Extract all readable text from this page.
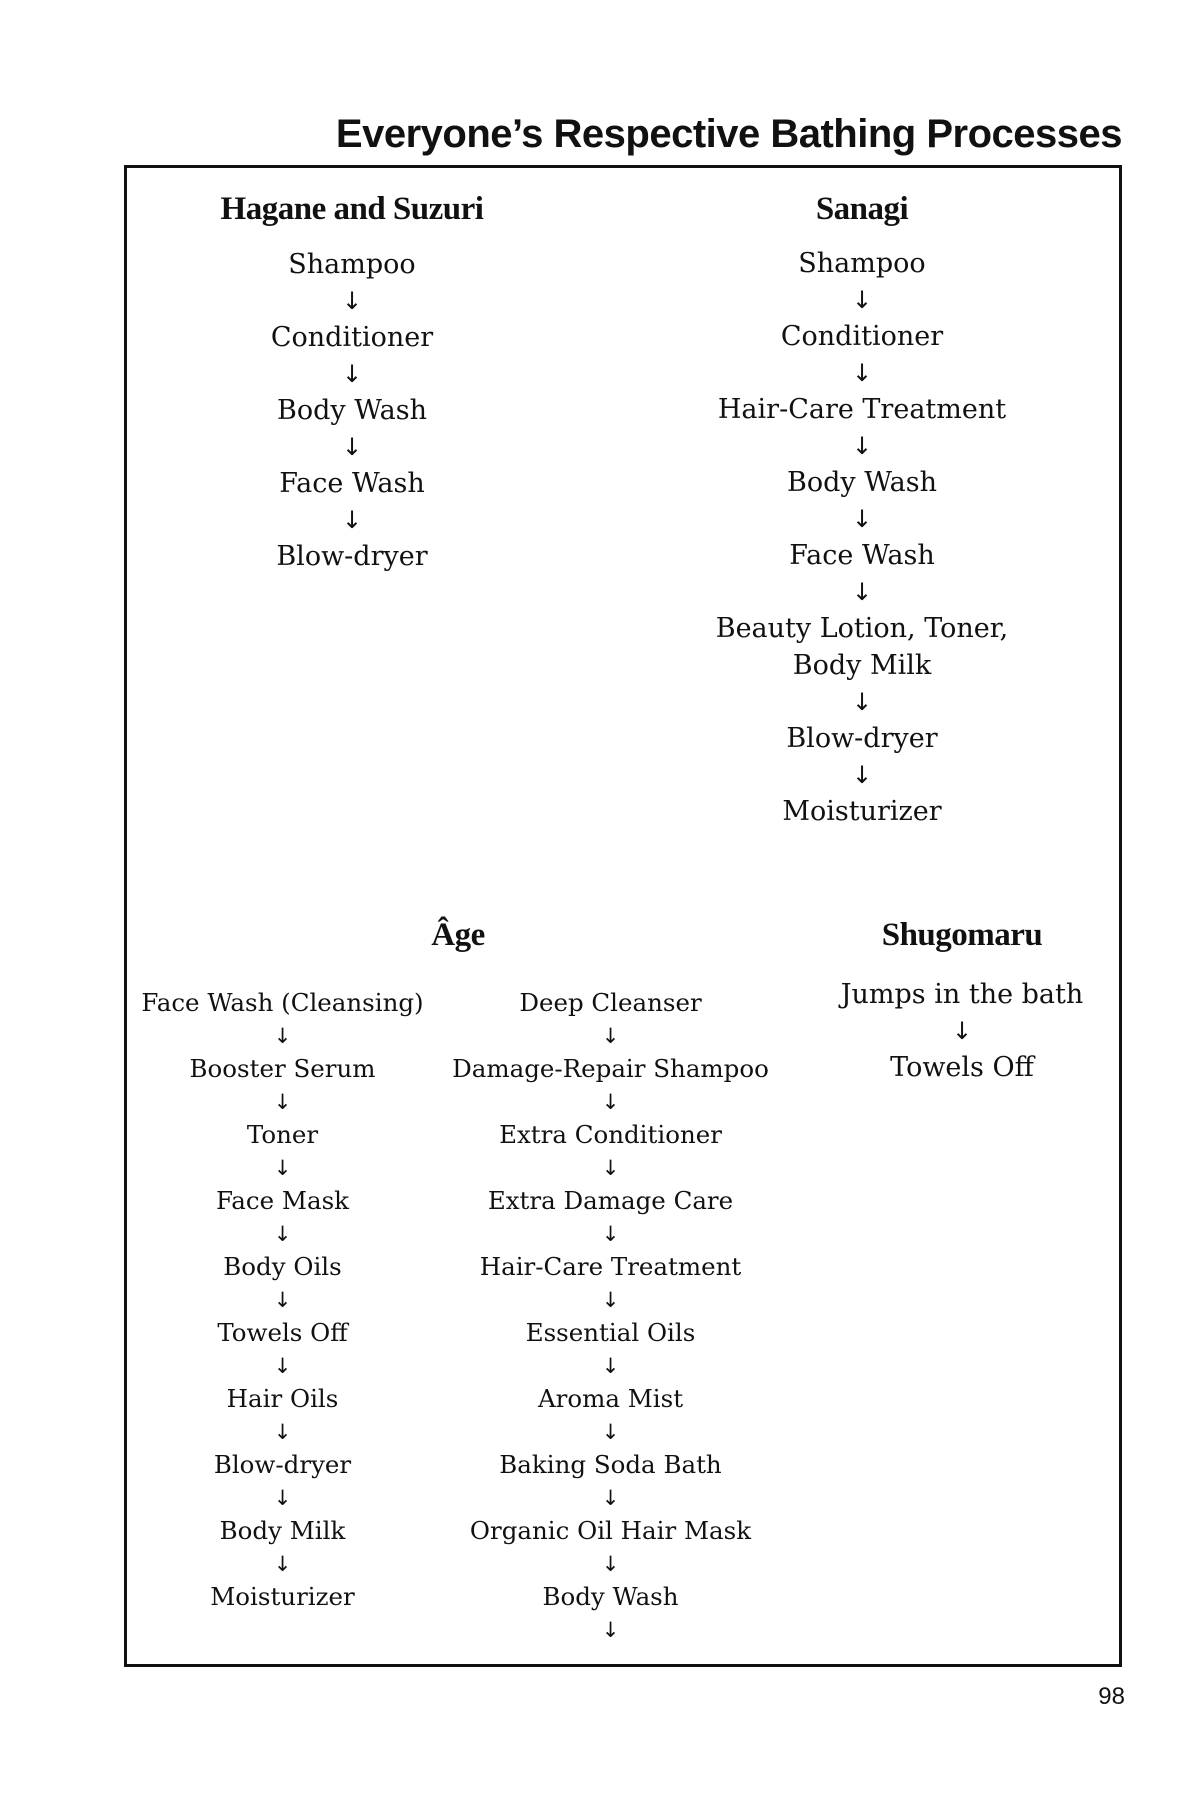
Everyone’s Respective Bathing Processes
Hagane and Suzuri
Shampoo
↓
Conditioner
↓
Body Wash
↓
Face Wash
↓
Blow-dryer
Sanagi
Shampoo
↓
Conditioner
↓
Hair-Care Treatment
↓
Body Wash
↓
Face Wash
↓
Beauty Lotion, Toner,
Body Milk
↓
Blow-dryer
↓
Moisturizer
Âge
Face Wash (Cleansing)
↓
Booster Serum
↓
Toner
↓
Face Mask
↓
Body Oils
↓
Towels Off
↓
Hair Oils
↓
Blow-dryer
↓
Body Milk
↓
Moisturizer
Deep Cleanser
↓
Damage-Repair Shampoo
↓
Extra Conditioner
↓
Extra Damage Care
↓
Hair-Care Treatment
↓
Essential Oils
↓
Aroma Mist
↓
Baking Soda Bath
↓
Organic Oil Hair Mask
↓
Body Wash
↓
Shugomaru
Jumps in the bath
↓
Towels Off
98
